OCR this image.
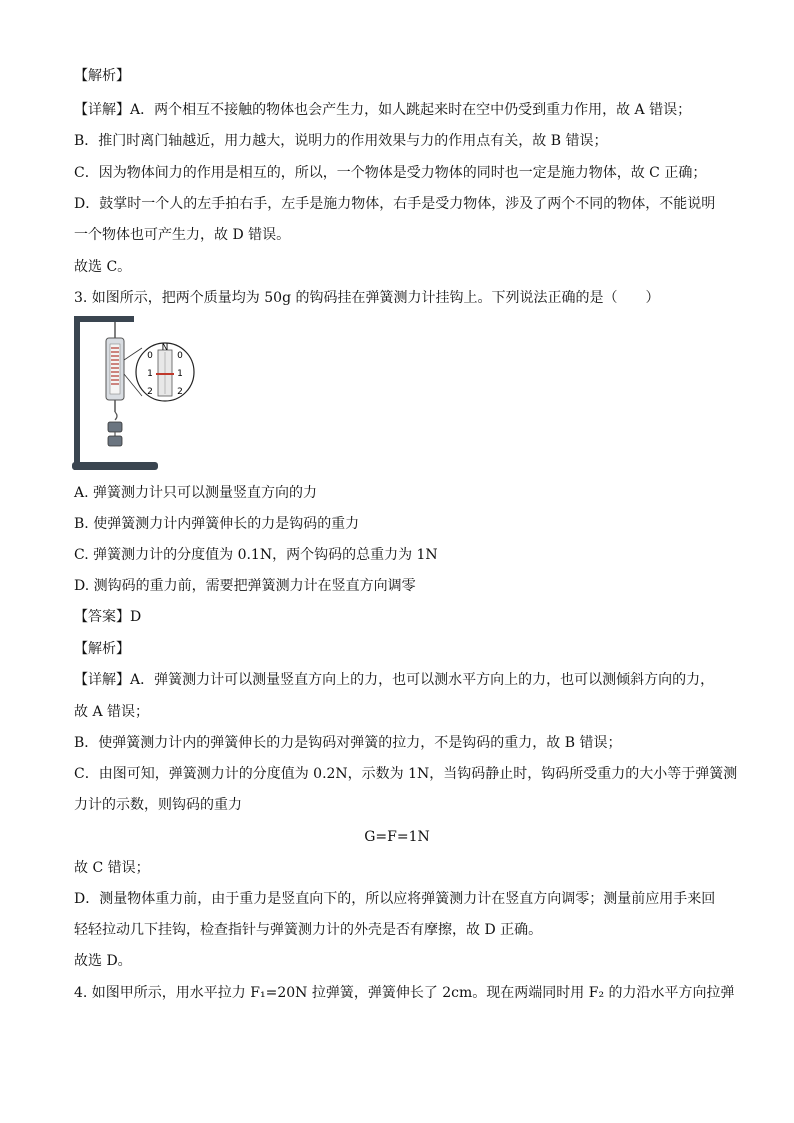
【解析】
【详解】A．两个相互不接触的物体也会产生力，如人跳起来时在空中仍受到重力作用，故 A 错误；
B．推门时离门轴越近，用力越大，说明力的作用效果与力的作用点有关，故 B 错误；
C．因为物体间力的作用是相互的，所以，一个物体是受力物体的同时也一定是施力物体，故 C 正确；
D．鼓掌时一个人的左手拍右手，左手是施力物体，右手是受力物体，涉及了两个不同的物体，不能说明
一个物体也可产生力，故 D 错误。
故选 C。
3. 如图所示，把两个质量均为 50g 的钩码挂在弹簧测力计挂钩上。下列说法正确的是（　　）
N
0
1
2
0
1
2
A. 弹簧测力计只可以测量竖直方向的力
B. 使弹簧测力计内弹簧伸长的力是钩码的重力
C. 弹簧测力计的分度值为 0.1N，两个钩码的总重力为 1N
D. 测钩码的重力前，需要把弹簧测力计在竖直方向调零
【答案】D
【解析】
【详解】A．弹簧测力计可以测量竖直方向上的力，也可以测水平方向上的力，也可以测倾斜方向的力，
故 A 错误；
B．使弹簧测力计内的弹簧伸长的力是钩码对弹簧的拉力，不是钩码的重力，故 B 错误；
C．由图可知，弹簧测力计的分度值为 0.2N，示数为 1N，当钩码静止时，钩码所受重力的大小等于弹簧测
力计的示数，则钩码的重力
G=F=1N
故 C 错误；
D．测量物体重力前，由于重力是竖直向下的，所以应将弹簧测力计在竖直方向调零；测量前应用手来回
轻轻拉动几下挂钩，检查指针与弹簧测力计的外壳是否有摩擦，故 D 正确。
故选 D。
4. 如图甲所示，用水平拉力 F₁=20N 拉弹簧，弹簧伸长了 2cm。现在两端同时用 F₂ 的力沿水平方向拉弹
